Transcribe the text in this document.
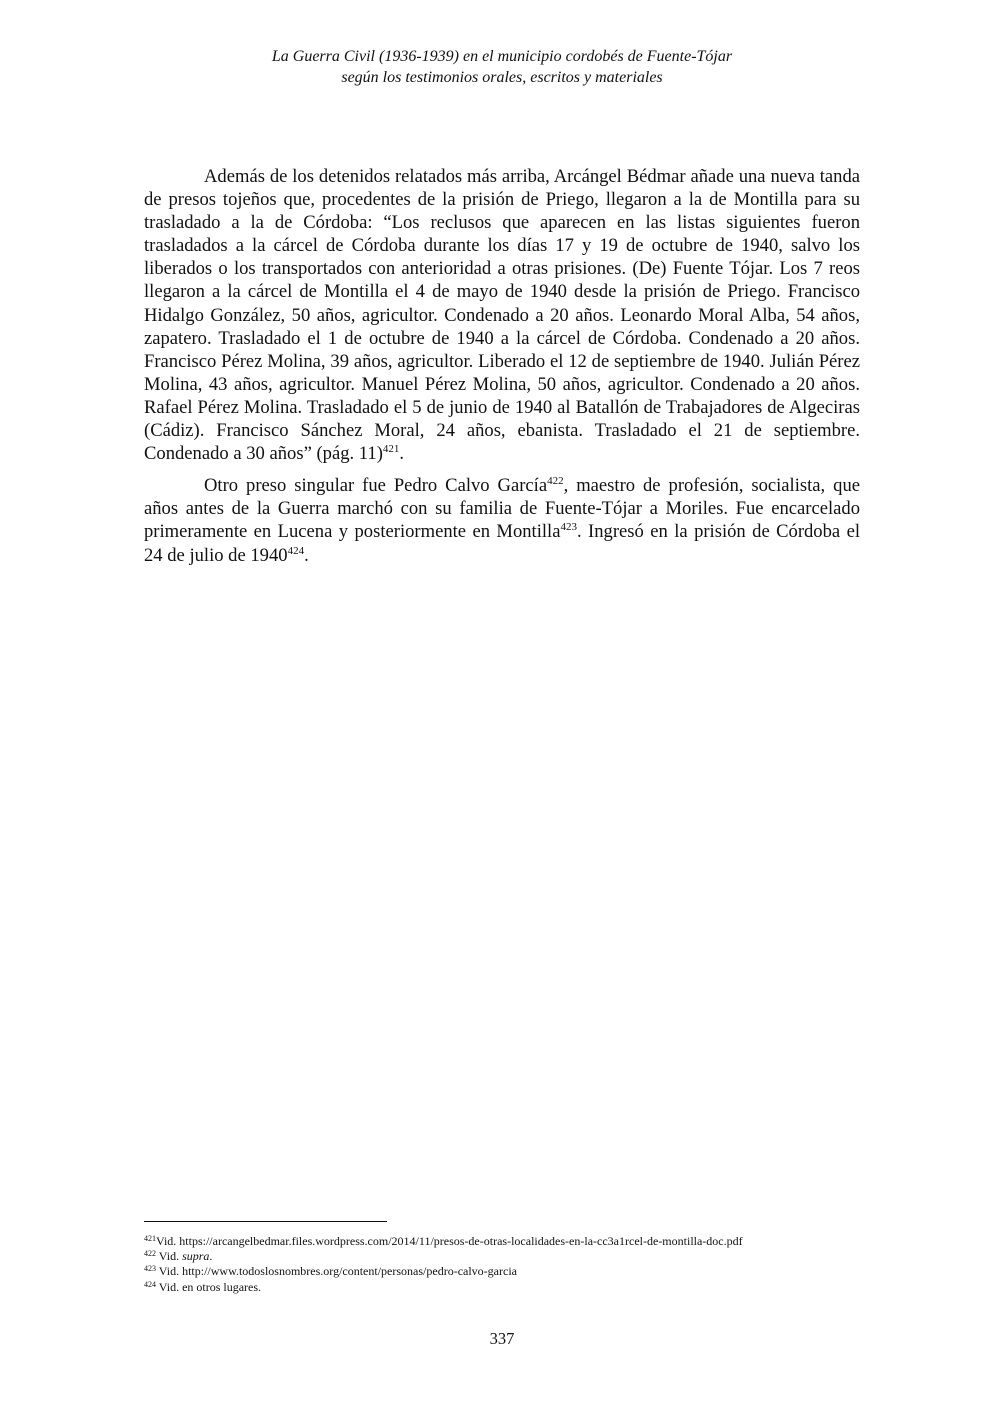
La Guerra Civil (1936-1939) en el municipio cordobés de Fuente-Tójar
según los testimonios orales, escritos y materiales

Además de los detenidos relatados más arriba, Arcángel Bédmar añade una nueva tanda de presos tojeños que, procedentes de la prisión de Priego, llegaron a la de Montilla para su trasladado a la de Córdoba: “Los reclusos que aparecen en las listas siguientes fueron trasladados a la cárcel de Córdoba durante los días 17 y 19 de octubre de 1940, salvo los liberados o los transportados con anterioridad a otras prisiones. (De) Fuente Tójar. Los 7 reos llegaron a la cárcel de Montilla el 4 de mayo de 1940 desde la prisión de Priego. Francisco Hidalgo González, 50 años, agricultor. Condenado a 20 años. Leonardo Moral Alba, 54 años, zapatero. Trasladado el 1 de octubre de 1940 a la cárcel de Córdoba. Condenado a 20 años. Francisco Pérez Molina, 39 años, agricultor. Liberado el 12 de septiembre de 1940. Julián Pérez Molina, 43 años, agricultor. Manuel Pérez Molina, 50 años, agricultor. Condenado a 20 años. Rafael Pérez Molina. Trasladado el 5 de junio de 1940 al Batallón de Trabajadores de Algeciras (Cádiz). Francisco Sánchez Moral, 24 años, ebanista. Trasladado el 21 de septiembre. Condenado a 30 años” (pág. 11)$^{421}$.

Otro preso singular fue Pedro Calvo García$^{422}$, maestro de profesión, socialista, que años antes de la Guerra marchó con su familia de Fuente-Tójar a Moriles. Fue encarcelado primeramente en Lucena y posteriormente en Montilla$^{423}$. Ingresó en la prisión de Córdoba el 24 de julio de 1940$^{424}$.

$^{421}$Vid. https://arcangelbedmar.files.wordpress.com/2014/11/presos-de-otras-localidades-en-la-cc3a1rcel-de-montilla-doc.pdf
$^{422}$ Vid. supra.
$^{423}$ Vid. http://www.todoslosnombres.org/content/personas/pedro-calvo-garcia
$^{424}$ Vid. en otros lugares.
337
